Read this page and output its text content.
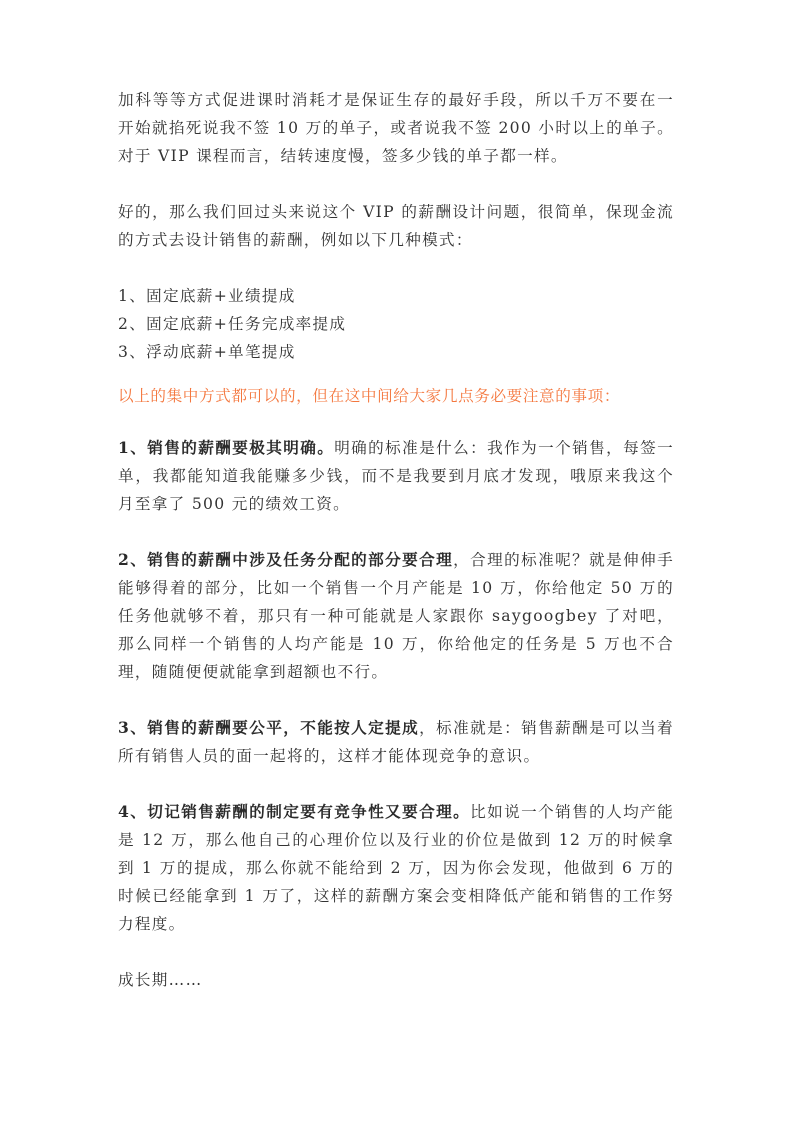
加科等等方式促进课时消耗才是保证生存的最好手段，所以千万不要在一开始就掐死说我不签 10 万的单子，或者说我不签 200 小时以上的单子。对于 VIP 课程而言，结转速度慢，签多少钱的单子都一样。

好的，那么我们回过头来说这个 VIP 的薪酬设计问题，很简单，保现金流的方式去设计销售的薪酬，例如以下几种模式：

1、固定底薪+业绩提成

2、固定底薪+任务完成率提成

3、浮动底薪+单笔提成

以上的集中方式都可以的，但在这中间给大家几点务必要注意的事项：

1、销售的薪酬要极其明确。明确的标准是什么：我作为一个销售，每签一单，我都能知道我能赚多少钱，而不是我要到月底才发现，哦原来我这个月至拿了 500 元的绩效工资。

2、销售的薪酬中涉及任务分配的部分要合理，合理的标准呢？就是伸伸手能够得着的部分，比如一个销售一个月产能是 10 万，你给他定 50 万的任务他就够不着，那只有一种可能就是人家跟你 saygoogbey 了对吧，那么同样一个销售的人均产能是 10 万，你给他定的任务是 5 万也不合理，随随便便就能拿到超额也不行。

3、销售的薪酬要公平，不能按人定提成，标准就是：销售薪酬是可以当着所有销售人员的面一起将的，这样才能体现竞争的意识。

4、切记销售薪酬的制定要有竞争性又要合理。比如说一个销售的人均产能是 12 万，那么他自己的心理价位以及行业的价位是做到 12 万的时候拿到 1 万的提成，那么你就不能给到 2 万，因为你会发现，他做到 6 万的时候已经能拿到 1 万了，这样的薪酬方案会变相降低产能和销售的工作努力程度。

成长期……
